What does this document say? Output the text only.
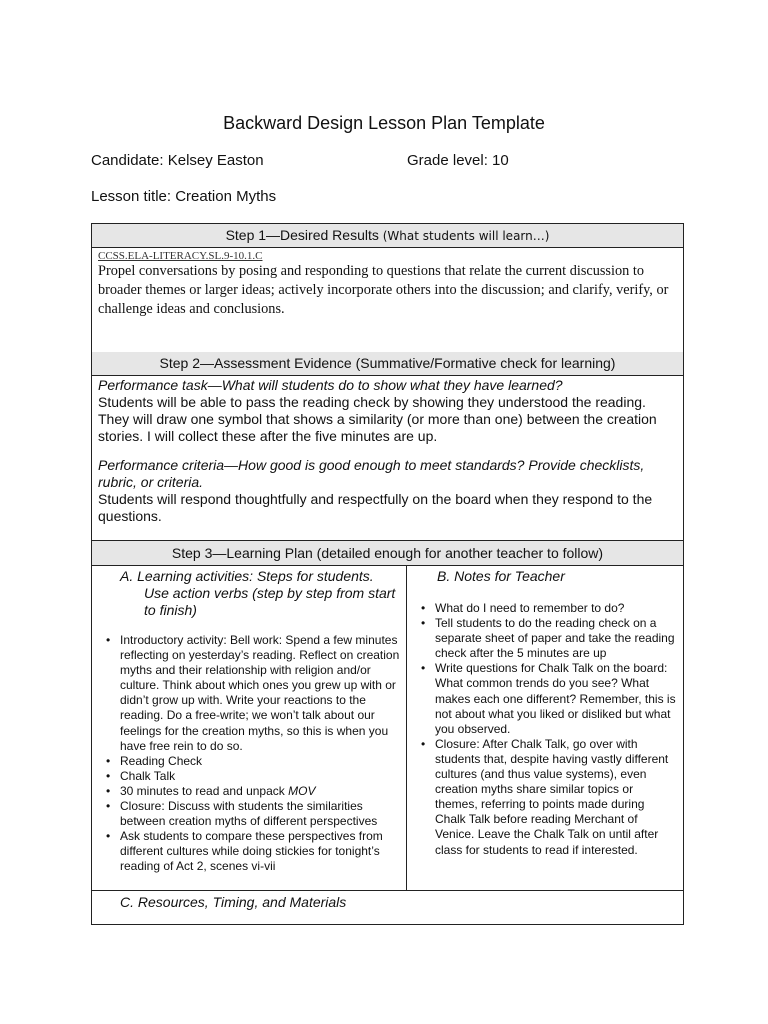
Backward Design Lesson Plan Template
Candidate: Kelsey Easton	Grade level: 10
Lesson title: Creation Myths
Step 1—Desired Results (What students will learn…)
CCSS.ELA-LITERACY.SL.9-10.1.C
Propel conversations by posing and responding to questions that relate the current discussion to broader themes or larger ideas; actively incorporate others into the discussion; and clarify, verify, or challenge ideas and conclusions.
Step 2—Assessment Evidence (Summative/Formative check for learning)

Performance task—What will students do to show what they have learned?

Students will be able to pass the reading check by showing they understood the reading. They will draw one symbol that shows a similarity (or more than one) between the creation stories. I will collect these after the five minutes are up.

Performance criteria—How good is good enough to meet standards? Provide checklists, rubric, or criteria.

Students will respond thoughtfully and respectfully on the board when they respond to the questions.

Step 3—Learning Plan (detailed enough for another teacher to follow)
A. Learning activities: Steps for students.
Use action verbs (step by step from start to finish)
• Introductory activity: Bell work: Spend a few minutes reflecting on yesterday’s reading. Reflect on creation myths and their relationship with religion and/or culture. Think about which ones you grew up with or didn’t grow up with. Write your reactions to the reading. Do a free-write; we won’t talk about our feelings for the creation myths, so this is when you have free rein to do so.
• Reading Check
• Chalk Talk
• 30 minutes to read and unpack MOV
• Closure: Discuss with students the similarities between creation myths of different perspectives
• Ask students to compare these perspectives from different cultures while doing stickies for tonight’s reading of Act 2, scenes vi-vii
B. Notes for Teacher
• What do I need to remember to do?
• Tell students to do the reading check on a separate sheet of paper and take the reading check after the 5 minutes are up
• Write questions for Chalk Talk on the board: What common trends do you see? What makes each one different? Remember, this is not about what you liked or disliked but what you observed.
• Closure: After Chalk Talk, go over with students that, despite having vastly different cultures (and thus value systems), even creation myths share similar topics or themes, referring to points made during Chalk Talk before reading Merchant of Venice. Leave the Chalk Talk on until after class for students to read if interested.
C. Resources, Timing, and Materials
